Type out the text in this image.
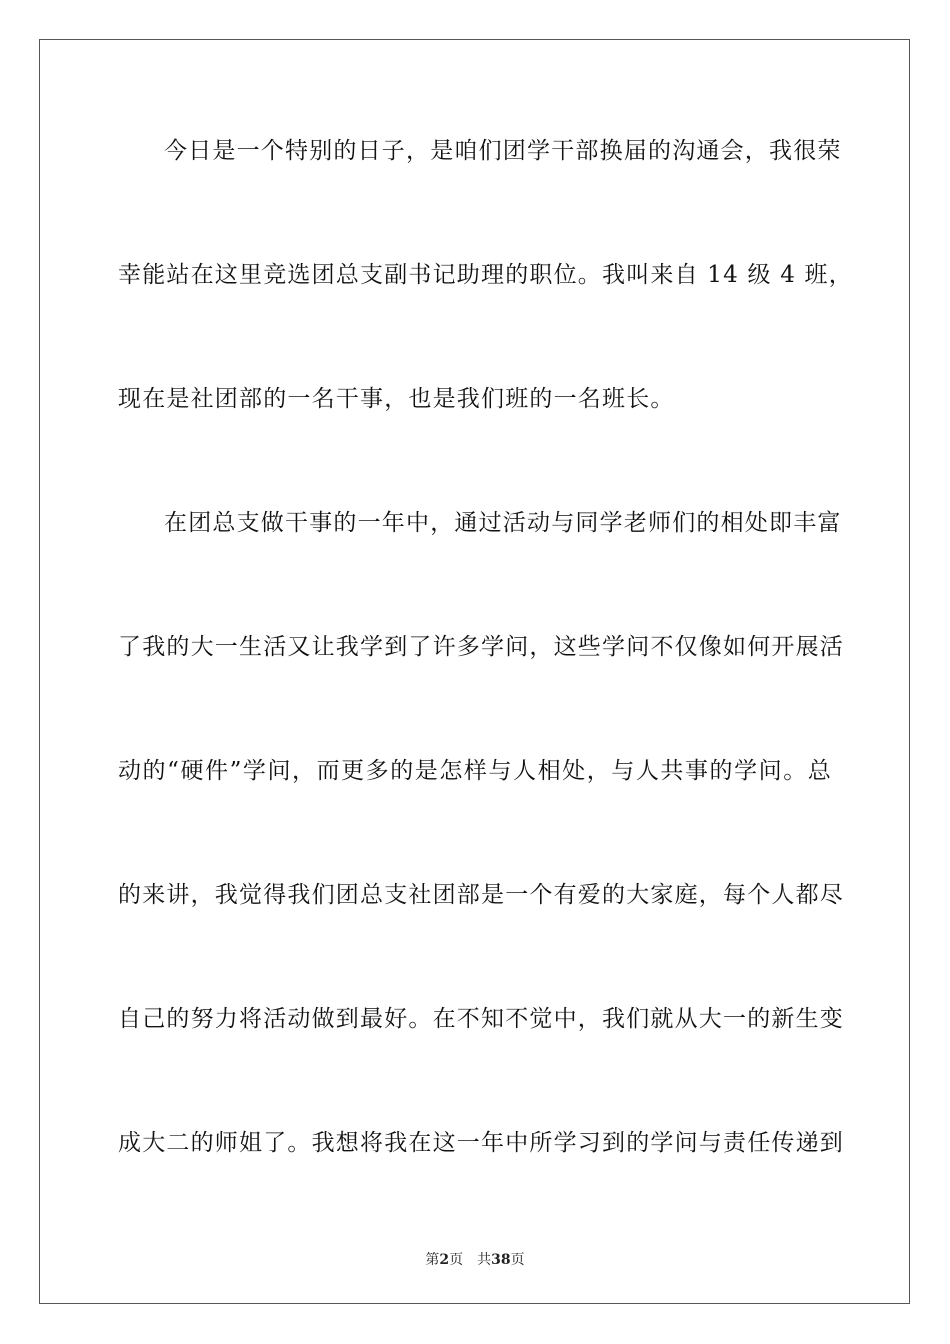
今日是一个特别的日子，是咱们团学干部换届的沟通会，我很荣
幸能站在这里竞选团总支副书记助理的职位。我叫来自 14 级 4 班，
现在是社团部的一名干事，也是我们班的一名班长。
在团总支做干事的一年中，通过活动与同学老师们的相处即丰富
了我的大一生活又让我学到了许多学问，这些学问不仅像如何开展活
动的“硬件”学问，而更多的是怎样与人相处，与人共事的学问。总
的来讲，我觉得我们团总支社团部是一个有爱的大家庭，每个人都尽
自己的努力将活动做到最好。在不知不觉中，我们就从大一的新生变
成大二的师姐了。我想将我在这一年中所学习到的学问与责任传递到
第2页 共38页
